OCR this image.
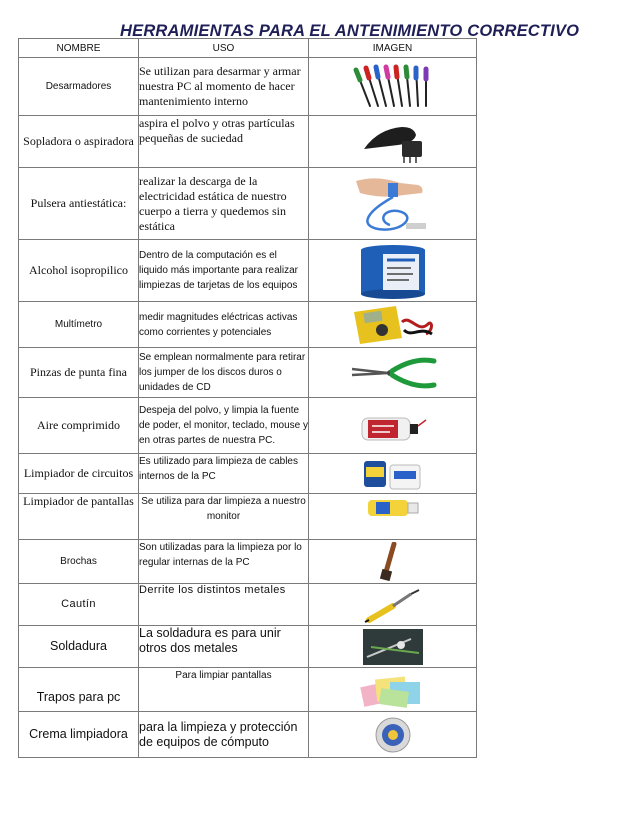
HERRAMIENTAS PARA EL ANTENIMIENTO CORRECTIVO
NOMBRE	USO	IMAGEN
Desarmadores	Se utilizan para desarmar y armar nuestra PC al momento de hacer mantenimiento interno	

Sopladora o aspiradora	aspira el polvo y otras partículas pequeñas de suciedad	

Pulsera antiestática:	realizar la descarga de la electricidad estática de nuestro cuerpo a tierra y quedemos sin estática	

Alcohol isopropilico	Dentro de la computación es el liquido más importante para realizar limpiezas de tarjetas de los equipos	

Multímetro	medir magnitudes eléctricas activas como corrientes y potenciales	

Pinzas de punta fina	Se emplean normalmente para retirar los jumper de los discos duros o unidades de CD	

Aire comprimido	Despeja del polvo, y limpia la fuente de poder, el monitor, teclado, mouse y en otras partes de nuestra PC.	

Limpiador de circuitos	Es utilizado para limpieza de cables internos de la PC	

Limpiador de pantallas	Se utiliza para dar limpieza a nuestro monitor	

Brochas	Son utilizadas para la limpieza por lo regular internas de la PC	

Cautín	Derrite los distintos metales	

Soldadura	La soldadura es para unir otros dos metales	

Trapos para pc	Para limpiar pantallas	

Crema limpiadora	para la limpieza y protección de equipos de cómputo	
